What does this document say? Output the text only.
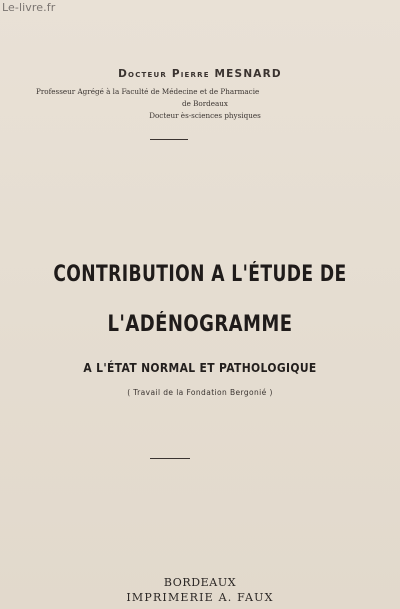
Le-livre.fr
Docteur Pierre MESNARD
Professeur Agrégé à la Faculté de Médecine et de Pharmacie
de Bordeaux
Docteur ès-sciences physiques
CONTRIBUTION A L'ÉTUDE DE
L'ADÉNOGRAMME
A L'ÉTAT NORMAL ET PATHOLOGIQUE
( Travail de la Fondation Bergonié )
BORDEAUX
IMPRIMERIE A. FAUX
